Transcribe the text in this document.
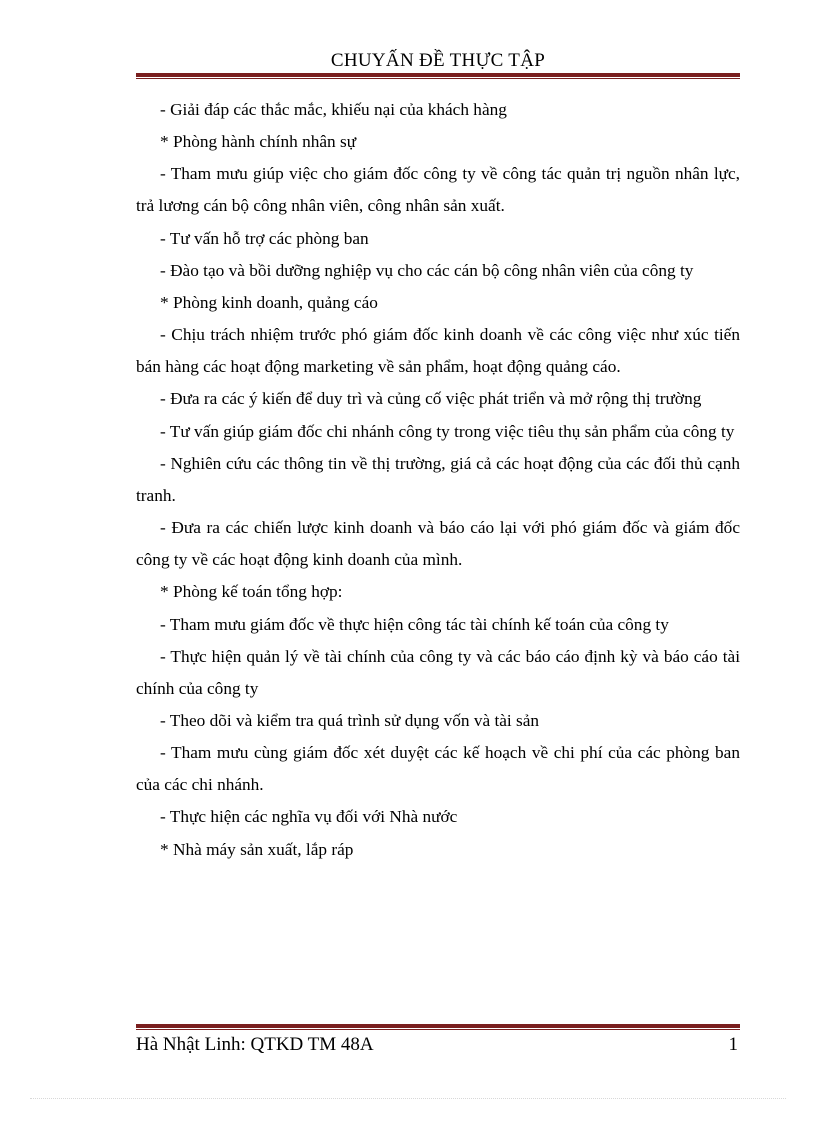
CHUYẤN ĐỀ THỰC TẬP

- Giải đáp các thắc mắc, khiếu nại của khách hàng

* Phòng hành chính nhân sự

- Tham mưu giúp việc cho giám đốc công ty về công tác quản trị nguồn nhân lực, trả lương cán bộ công nhân viên, công nhân sản xuất.

- Tư vấn hỗ trợ các phòng ban

- Đào tạo và bồi dưỡng nghiệp vụ cho các cán bộ công nhân viên của công ty

* Phòng kinh doanh, quảng cáo

- Chịu trách nhiệm trước phó giám đốc kinh doanh về các công việc như xúc tiến bán hàng các hoạt động marketing về sản phẩm, hoạt động quảng cáo.

- Đưa ra các ý kiến để duy trì và củng cố việc phát triển và mở rộng thị trường

- Tư vấn giúp giám đốc chi nhánh công ty trong việc tiêu thụ sản phẩm của công ty

- Nghiên cứu các thông tin về thị trường, giá cả các hoạt động của các đối thủ cạnh tranh.

- Đưa ra các chiến lược kinh doanh và báo cáo lại với phó giám đốc và giám đốc công ty về các hoạt động kinh doanh của mình.

* Phòng kế toán tổng hợp:

- Tham mưu giám đốc về thực hiện công tác tài chính kế toán của công ty

- Thực hiện quản lý về tài chính của công ty và các báo cáo định kỳ và báo cáo tài chính của công ty

- Theo dõi và kiểm tra quá trình sử dụng vốn và tài sản

- Tham mưu cùng giám đốc xét duyệt các kế hoạch về chi phí của các phòng ban của các chi nhánh.

- Thực hiện các nghĩa vụ đối với Nhà nước

* Nhà máy sản xuất, lắp ráp

Hà Nhật Linh: QTKD TM 48A	1
